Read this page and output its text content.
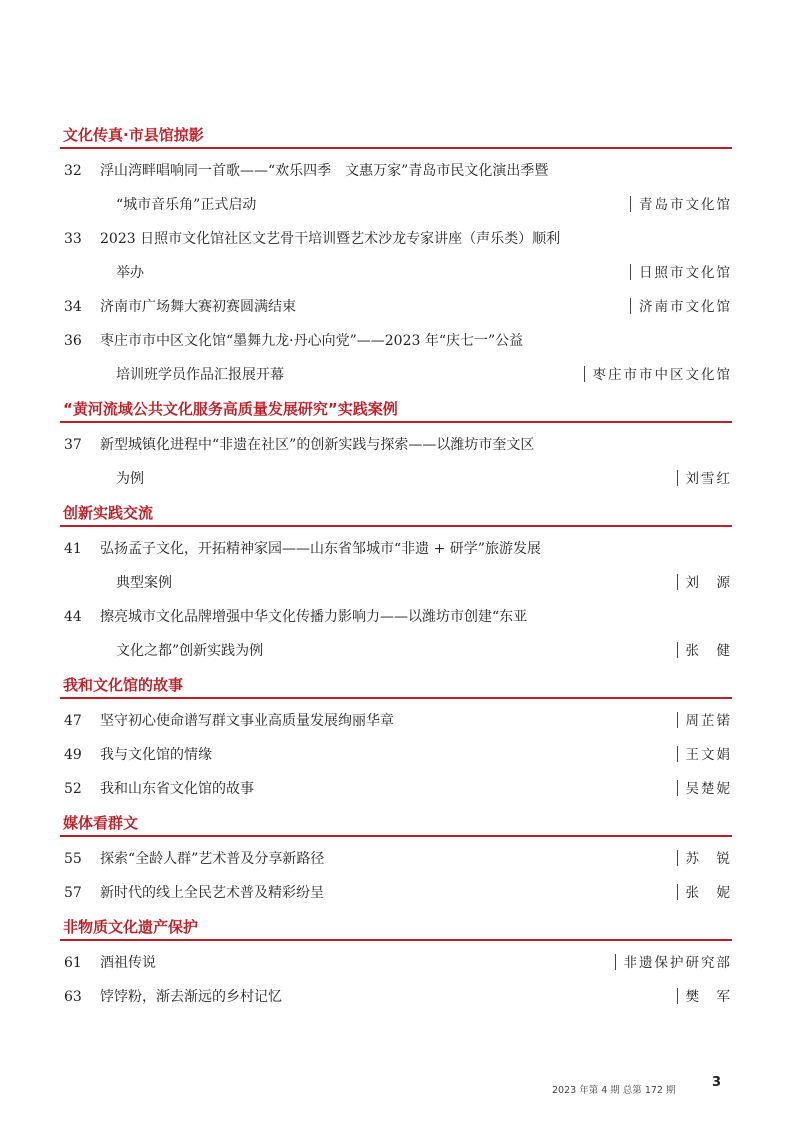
文化传真·市县馆掠影
32	浮山湾畔唱响同一首歌——“欢乐四季　文惠万家”青岛市民文化演出季暨
“城市音乐角”正式启动	青岛市文化馆
33	2023 日照市文化馆社区文艺骨干培训暨艺术沙龙专家讲座（声乐类）顺利
举办	日照市文化馆
34	济南市广场舞大赛初赛圆满结束	济南市文化馆
36	枣庄市市中区文化馆“墨舞九龙·丹心向党”——2023 年“庆七一”公益
培训班学员作品汇报展开幕	枣庄市市中区文化馆
“黄河流域公共文化服务高质量发展研究”实践案例
37	新型城镇化进程中“非遗在社区”的创新实践与探索——以潍坊市奎文区
为例	刘雪红
创新实践交流
41	弘扬孟子文化，开拓精神家园——山东省邹城市“非遗 + 研学”旅游发展
典型案例	刘　源
44	擦亮城市文化品牌增强中华文化传播力影响力——以潍坊市创建“东亚
文化之都”创新实践为例	张　健
我和文化馆的故事
47	坚守初心使命谱写群文事业高质量发展绚丽华章	周芷锘
49	我与文化馆的情缘	王文娟
52	我和山东省文化馆的故事	吴楚妮
媒体看群文
55	探索“全龄人群”艺术普及分享新路径	苏　锐
57	新时代的线上全民艺术普及精彩纷呈	张　妮
非物质文化遗产保护
61	酒祖传说	非遗保护研究部
63	饽饽粉，渐去渐远的乡村记忆	樊　军
2023 年第 4 期 总第 172 期
3
